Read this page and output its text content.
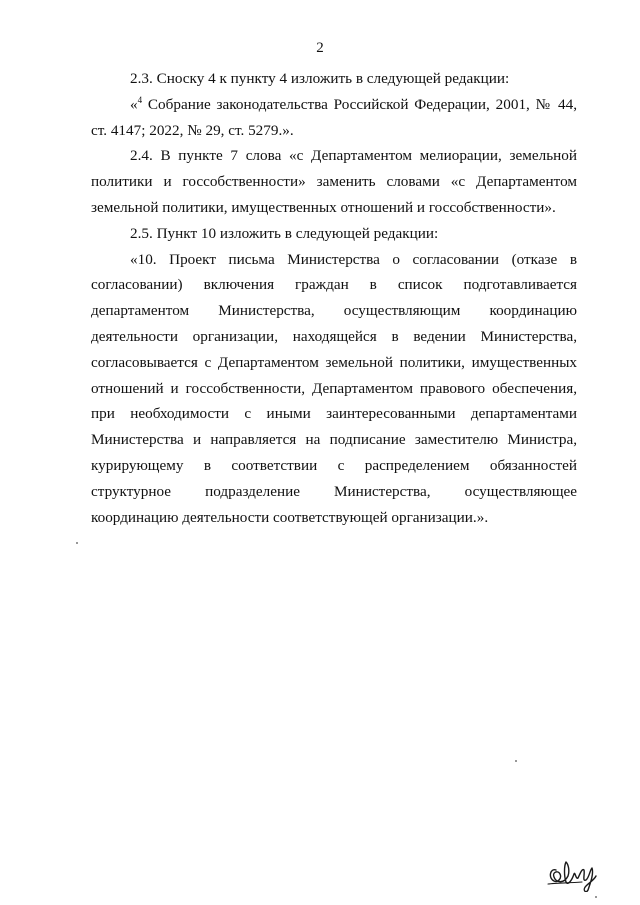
2

2.3. Сноску 4 к пункту 4 изложить в следующей редакции:

«$^4$ Собрание законодательства Российской Федерации, 2001, № 44, ст. 4147; 2022, № 29, ст. 5279.».

2.4. В пункте 7 слова «с Департаментом мелиорации, земельной политики и госсобственности» заменить словами «с Департаментом земельной политики, имущественных отношений и госсобственности».

2.5. Пункт 10 изложить в следующей редакции:

«10. Проект письма Министерства о согласовании (отказе в согласовании) включения граждан в список подготавливается департаментом Министерства, осуществляющим координацию деятельности организации, находящейся в ведении Министерства, согласовывается с Департаментом земельной политики, имущественных отношений и госсобственности, Департаментом правового обеспечения, при необходимости с иными заинтересованными департаментами Министерства и направляется на подписание заместителю Министра, курирующему в соответствии с распределением обязанностей структурное подразделение Министерства, осуществляющее координацию деятельности соответствующей организации.».
